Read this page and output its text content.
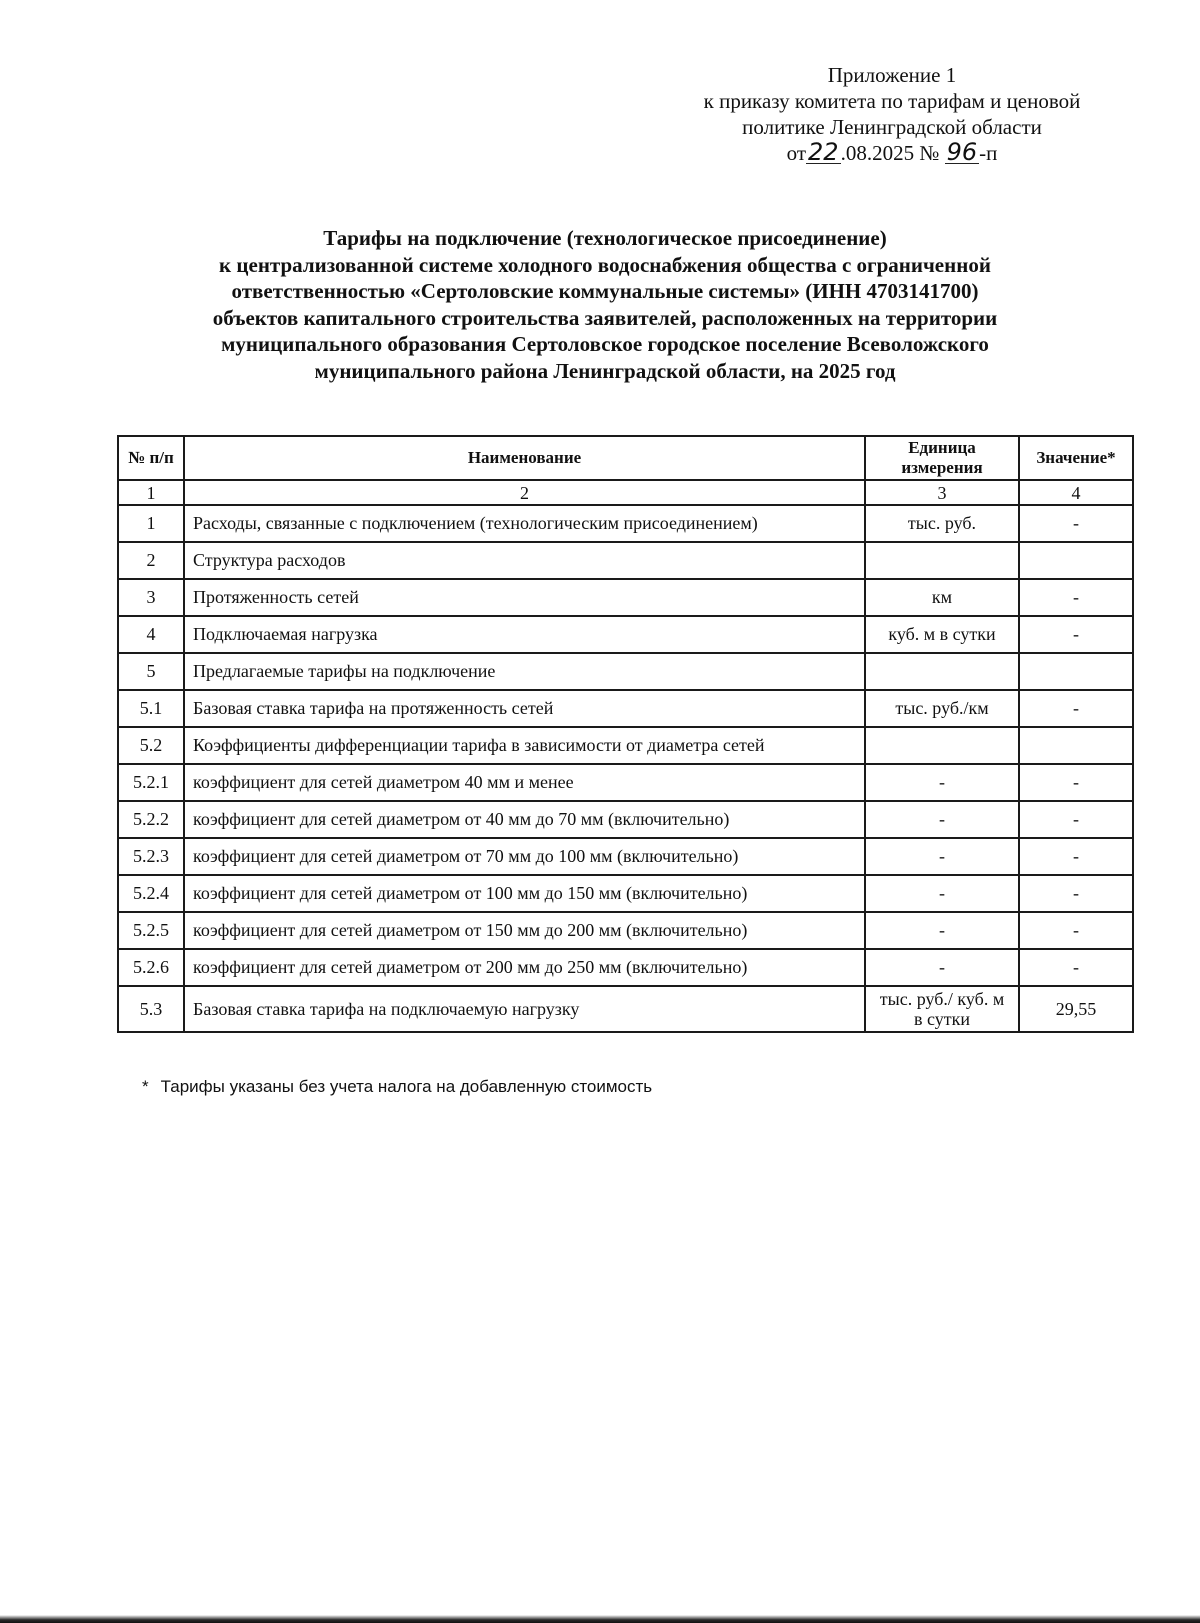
Приложение 1
к приказу комитета по тарифам и ценовой
политике Ленинградской области
от22.08.2025 № 96-п
Тарифы на подключение (технологическое присоединение)
к централизованной системе холодного водоснабжения общества с ограниченной
ответственностью «Сертоловские коммунальные системы» (ИНН 4703141700)
объектов капитального строительства заявителей, расположенных на территории
муниципального образования Сертоловское городское поселение Всеволожского
муниципального района Ленинградской области, на 2025 год
№ п/п	Наименование	Единица измерения	Значение*
1	2	3	4
1	Расходы, связанные с подключением (технологическим присоединением)	тыс. руб.	-
2	Структура расходов		
3	Протяженность сетей	км	-
4	Подключаемая нагрузка	куб. м в сутки	-
5	Предлагаемые тарифы на подключение		
5.1	Базовая ставка тарифа на протяженность сетей	тыс. руб./км	-
5.2	Коэффициенты дифференциации тарифа в зависимости от диаметра сетей		
5.2.1	коэффициент для сетей диаметром 40 мм и менее	-	-
5.2.2	коэффициент для сетей диаметром от 40 мм до 70 мм (включительно)	-	-
5.2.3	коэффициент для сетей диаметром от 70 мм до 100 мм (включительно)	-	-
5.2.4	коэффициент для сетей диаметром от 100 мм до 150 мм (включительно)	-	-
5.2.5	коэффициент для сетей диаметром от 150 мм до 200 мм (включительно)	-	-
5.2.6	коэффициент для сетей диаметром от 200 мм до 250 мм (включительно)	-	-
5.3	Базовая ставка тарифа на подключаемую нагрузку	тыс. руб./ куб. м в сутки	29,55
* Тарифы указаны без учета налога на добавленную стоимость
